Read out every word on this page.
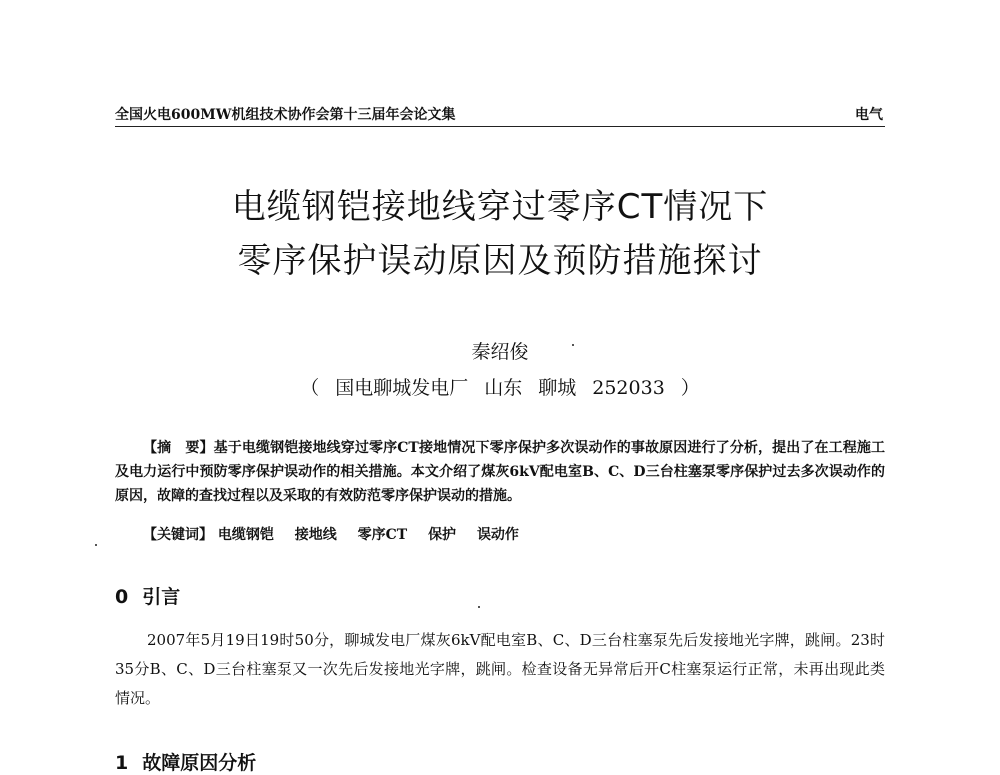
全国火电600MW机组技术协作会第十三届年会论文集	电气
电缆钢铠接地线穿过零序CT情况下
零序保护误动原因及预防措施探讨
秦绍俊
（ 国电聊城发电厂 山东 聊城 252033 ）
【摘　要】基于电缆钢铠接地线穿过零序CT接地情况下零序保护多次误动作的事故原因进行了分析，提出了在工程施工及电力运行中预防零序保护误动作的相关措施。本文介绍了煤灰6kV配电室B、C、D三台柱塞泵零序保护过去多次误动作的原因，故障的查找过程以及采取的有效防范零序保护误动的措施。
【关键词】 电缆钢铠 接地线 零序CT 保护 误动作
0 引言
2007年5月19日19时50分，聊城发电厂煤灰6kV配电室B、C、D三台柱塞泵先后发接地光字牌，跳闸。23时35分B、C、D三台柱塞泵又一次先后发接地光字牌，跳闸。检查设备无异常后开C柱塞泵运行正常，未再出现此类情况。
1 故障原因分析
